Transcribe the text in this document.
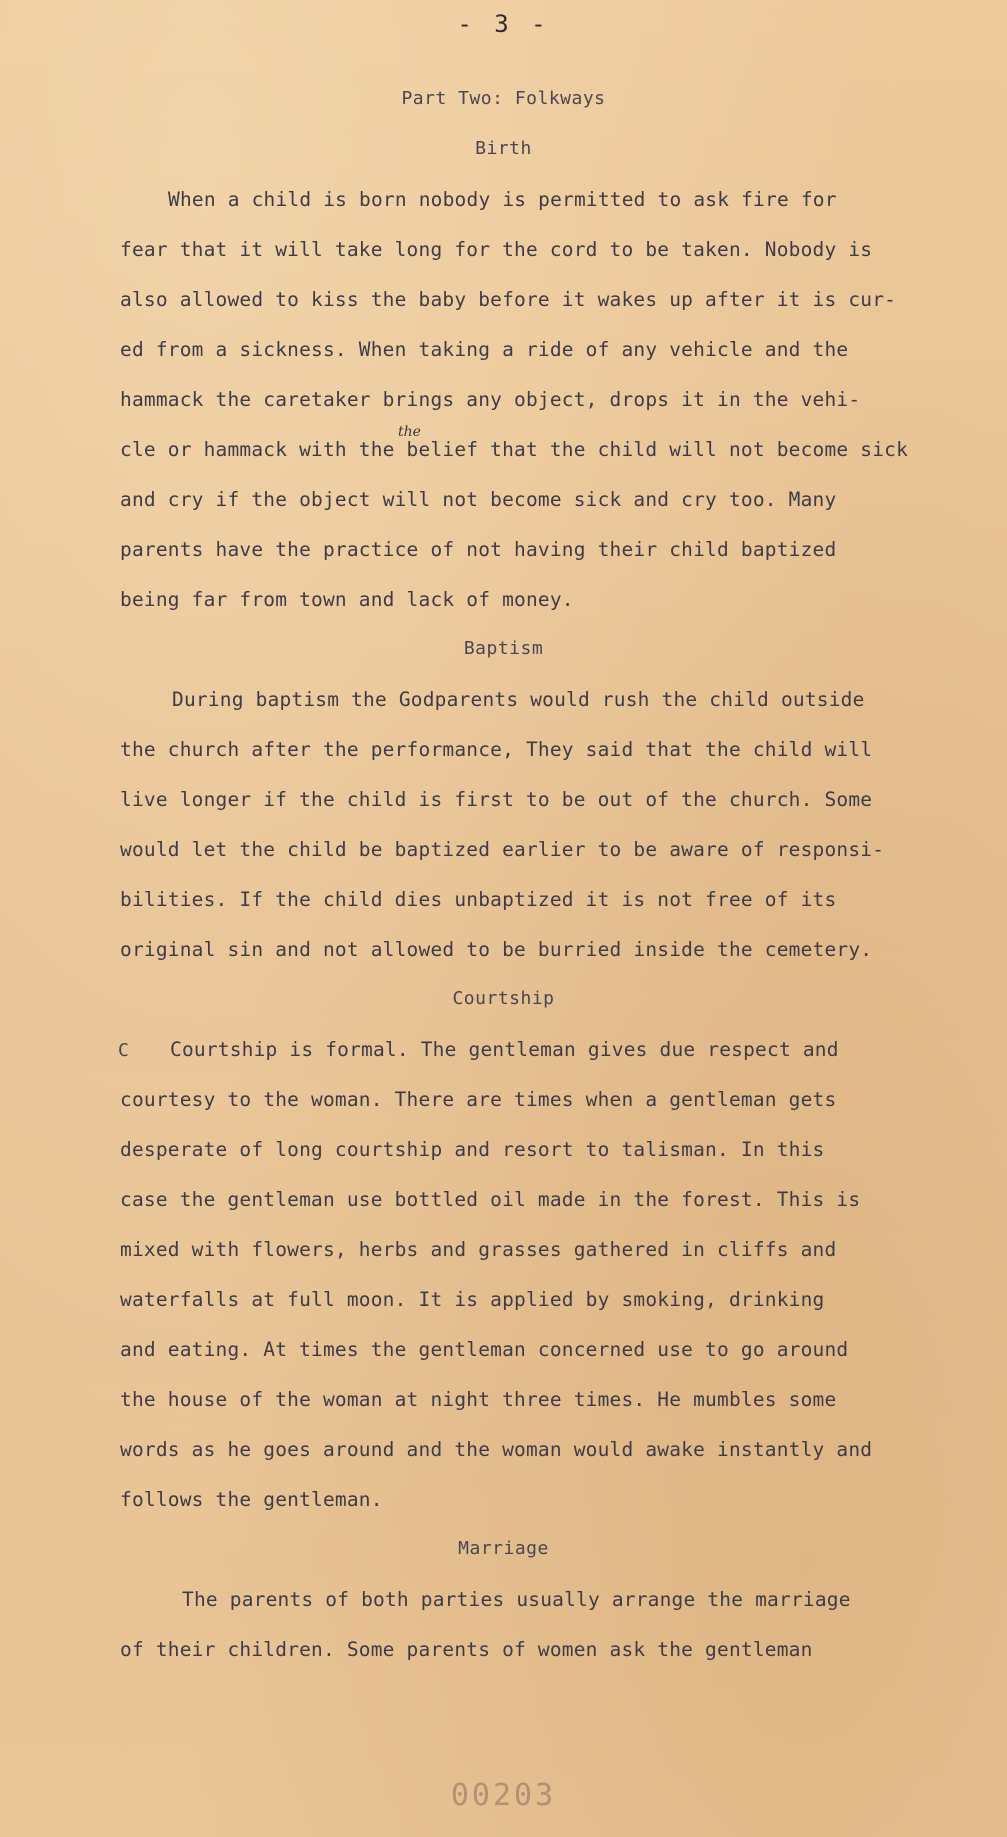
- 3 -
Part Two: Folkways
Birth
When a child is born nobody is permitted to ask fire for
fear that it will take long for the cord to be taken. Nobody is
also allowed to kiss the baby before it wakes up after it is cur-
ed from a sickness. When taking a ride of any vehicle and the
hammack the caretaker brings any object, drops it in the vehi-
the
cle or hammack with the belief that the child will not become sick
and cry if the object will not become sick and cry too. Many
parents have the practice of not having their child baptized
being far from town and lack of money.
Baptism
During baptism the Godparents would rush the child outside
the church after the performance, They said that the child will
live longer if the child is first to be out of the church. Some
would let the child be baptized earlier to be aware of responsi-
bilities. If the child dies unbaptized it is not free of its
original sin and not allowed to be burried inside the cemetery.
Courtship
C Courtship is formal. The gentleman gives due respect and
courtesy to the woman. There are times when a gentleman gets
desperate of long courtship and resort to talisman. In this
case the gentleman use bottled oil made in the forest. This is
mixed with flowers, herbs and grasses gathered in cliffs and
waterfalls at full moon. It is applied by smoking, drinking
and eating. At times the gentleman concerned use to go around
the house of the woman at night three times. He mumbles some
words as he goes around and the woman would awake instantly and
follows the gentleman.
Marriage
The parents of both parties usually arrange the marriage
of their children. Some parents of women ask the gentleman
00203
